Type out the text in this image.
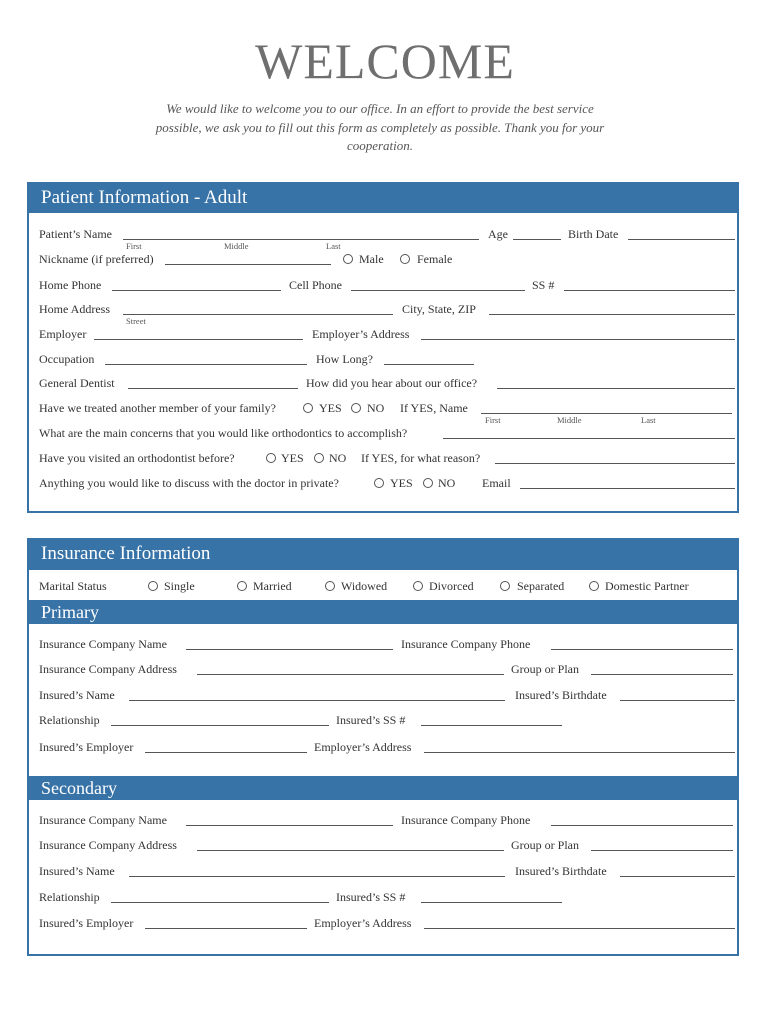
WELCOME
We would like to welcome you to our office. In an effort to provide the best service possible, we ask you to fill out this form as completely as possible. Thank you for your cooperation.
Patient Information - Adult
Patient’s Name
First	Middle	Last
Age	Birth Date
Nickname (if preferred)	Male	Female
Home Phone	Cell Phone	SS #
Home Address
Street
City, State, ZIP
Employer	Employer’s Address
Occupation	How Long?
General Dentist	How did you hear about our office?
Have we treated another member of your family?	YES NO If YES, Name
First	Middle	Last
What are the main concerns that you would like orthodontics to accomplish?
Have you visited an orthodontist before?	YES NO If YES, for what reason?
Anything you would like to discuss with the doctor in private?	YES NO Email
Insurance Information
Marital Status	Single	Married	Widowed	Divorced	Separated	Domestic Partner
Primary
Insurance Company Name	Insurance Company Phone
Insurance Company Address	Group or Plan
Insured’s Name	Insured’s Birthdate
Relationship	Insured’s SS #
Insured’s Employer	Employer’s Address
Secondary
Insurance Company Name	Insurance Company Phone
Insurance Company Address	Group or Plan
Insured’s Name	Insured’s Birthdate
Relationship	Insured’s SS #
Insured’s Employer	Employer’s Address
